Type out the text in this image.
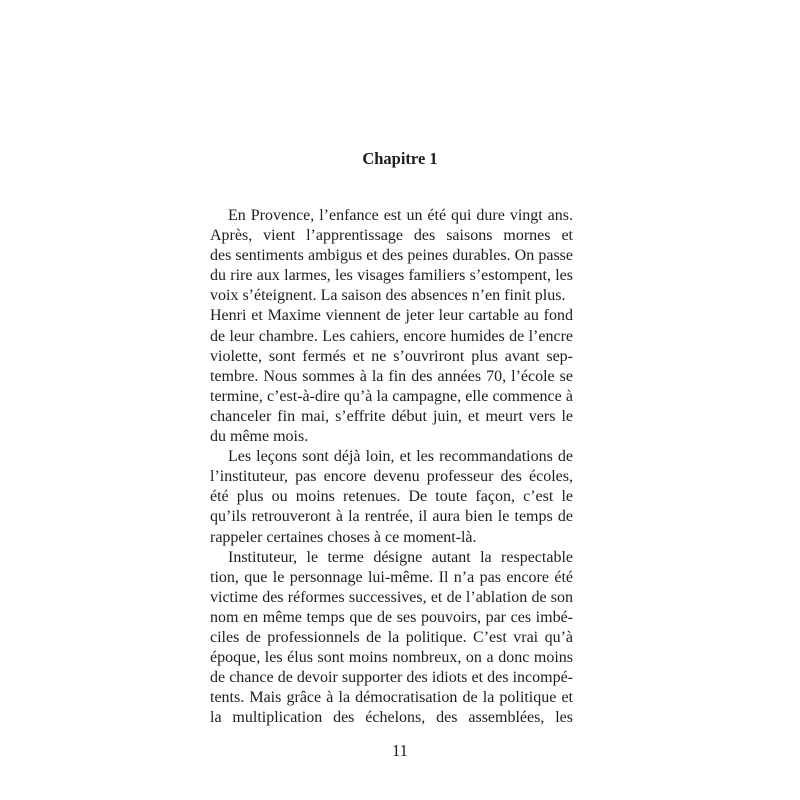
Chapitre 1
En Provence, l’enfance est un été qui dure vingt ans.
Après, vient l’apprentissage des saisons mornes et
des sentiments ambigus et des peines durables. On passe
du rire aux larmes, les visages familiers s’estompent, les
voix s’éteignent. La saison des absences n’en finit plus.
Henri et Maxime viennent de jeter leur cartable au fond
de leur chambre. Les cahiers, encore humides de l’encre
violette, sont fermés et ne s’ouvriront plus avant sep-
tembre. Nous sommes à la fin des années 70, l’école se
termine, c’est-à-dire qu’à la campagne, elle commence à
chanceler fin mai, s’effrite début juin, et meurt vers le
du même mois.
Les leçons sont déjà loin, et les recommandations de
l’instituteur, pas encore devenu professeur des écoles,
été plus ou moins retenues. De toute façon, c’est le
qu’ils retrouveront à la rentrée, il aura bien le temps de
rappeler certaines choses à ce moment-là.
Instituteur, le terme désigne autant la respectable
tion, que le personnage lui-même. Il n’a pas encore été
victime des réformes successives, et de l’ablation de son
nom en même temps que de ses pouvoirs, par ces imbé-
ciles de professionnels de la politique. C’est vrai qu’à
époque, les élus sont moins nombreux, on a donc moins
de chance de devoir supporter des idiots et des incompé-
tents. Mais grâce à la démocratisation de la politique et
la multiplication des échelons, des assemblées, les
11
